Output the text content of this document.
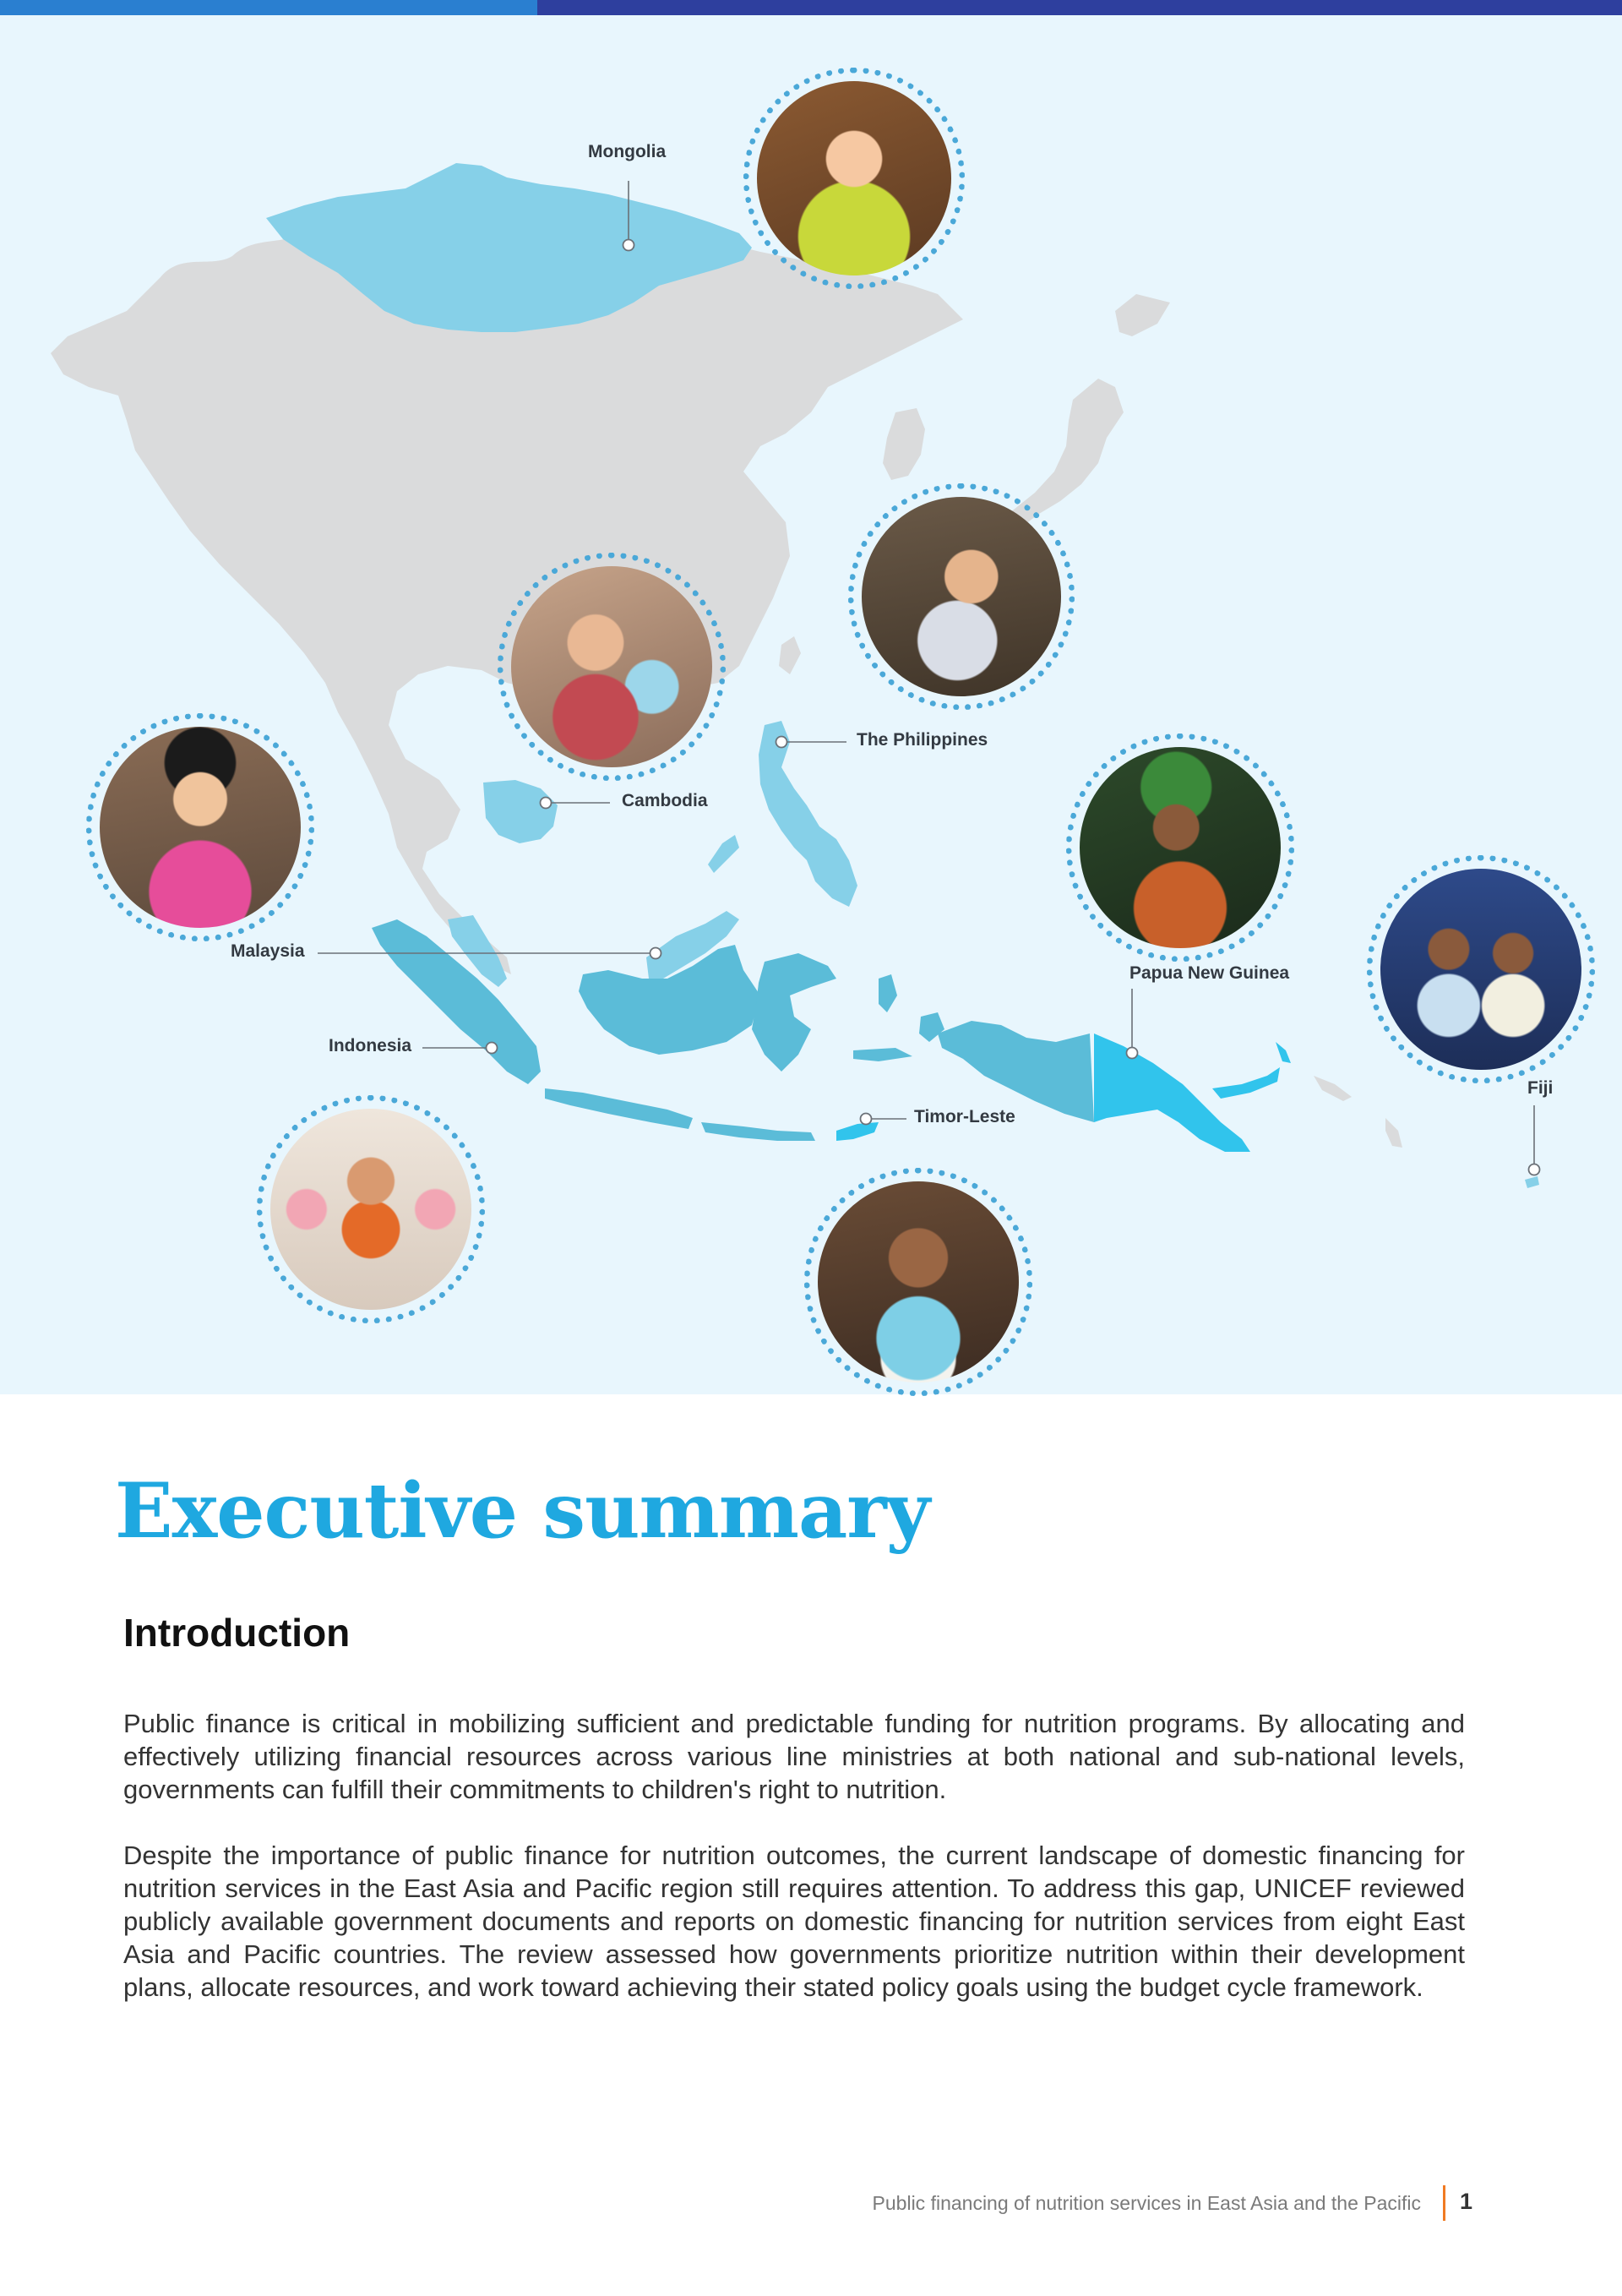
Mongolia
The Philippines
Cambodia
Malaysia
Papua New Guinea
Indonesia
Fiji
Timor-Leste
Executive summary
Introduction

Public finance is critical in mobilizing sufficient and predictable funding for nutrition programs. By allocating and effectively utilizing financial resources across various line ministries at both national and sub-national levels, governments can fulfill their commitments to children's right to nutrition.

Despite the importance of public finance for nutrition outcomes, the current landscape of domestic financing for nutrition services in the East Asia and Pacific region still requires attention. To address this gap, UNICEF reviewed publicly available government documents and reports on domestic financing for nutrition services from eight East Asia and Pacific countries. The review assessed how governments prioritize nutrition within their development plans, allocate resources, and work toward achieving their stated policy goals using the budget cycle framework.

Public financing of nutrition services in East Asia and the Pacific 1
